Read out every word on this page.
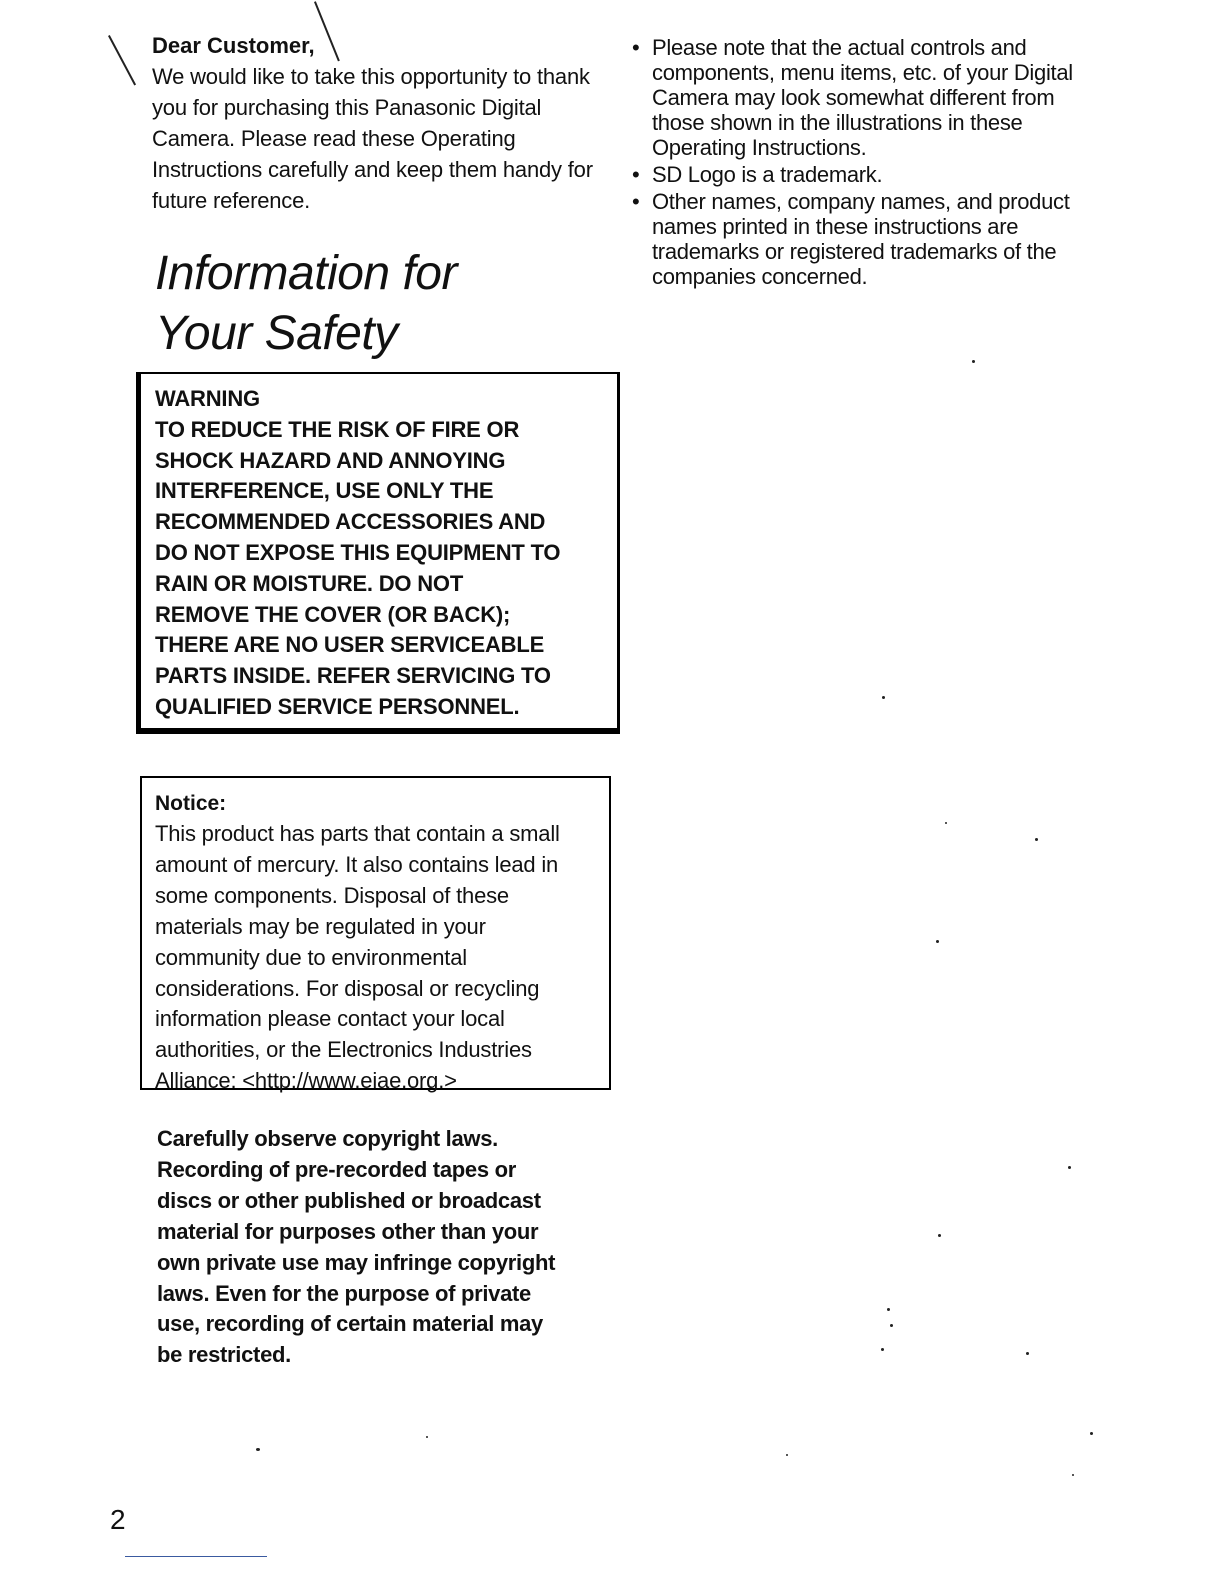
Dear Customer,

We would like to take this opportunity to thank you for purchasing this Panasonic Digital Camera. Please read these Operating Instructions carefully and keep them handy for future reference.

Information for
Your Safety

WARNING

TO REDUCE THE RISK OF FIRE OR

SHOCK HAZARD AND ANNOYING

INTERFERENCE, USE ONLY THE

RECOMMENDED ACCESSORIES AND

DO NOT EXPOSE THIS EQUIPMENT TO

RAIN OR MOISTURE. DO NOT

REMOVE THE COVER (OR BACK);

THERE ARE NO USER SERVICEABLE

PARTS INSIDE. REFER SERVICING TO

QUALIFIED SERVICE PERSONNEL.

Notice:

This product has parts that contain a small

amount of mercury. It also contains lead in

some components. Disposal of these

materials may be regulated in your

community due to environmental

considerations. For disposal or recycling

information please contact your local

authorities, or the Electronics Industries

Alliance: <http://www.eiae.org.>

Carefully observe copyright laws.
Recording of pre-recorded tapes or
discs or other published or broadcast
material for purposes other than your
own private use may infringe copyright
laws. Even for the purpose of private
use, recording of certain material may
be restricted.
• Please note that the actual controls and components, menu items, etc. of your Digital Camera may look somewhat different from those shown in the illustrations in these Operating Instructions.
• SD Logo is a trademark.
• Other names, company names, and product names printed in these instructions are trademarks or registered trademarks of the companies concerned.

2
